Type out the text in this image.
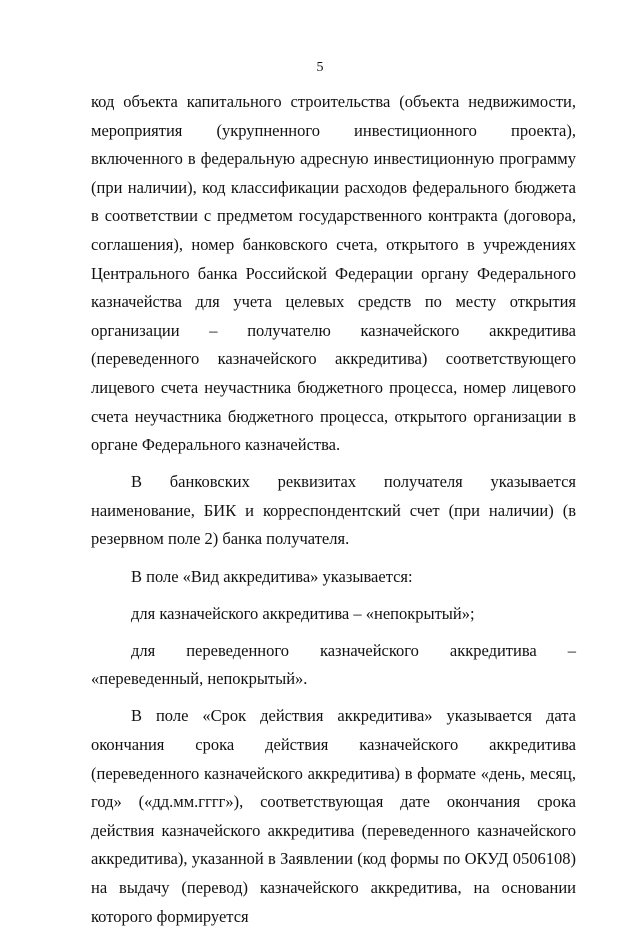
5

код объекта капитального строительства (объекта недвижимости, мероприятия (укрупненного инвестиционного проекта), включенного в федеральную адресную инвестиционную программу (при наличии), код классификации расходов федерального бюджета в соответствии с предметом государственного контракта (договора, соглашения), номер банковского счета, открытого в учреждениях Центрального банка Российской Федерации органу Федерального казначейства для учета целевых средств по месту открытия организации – получателю казначейского аккредитива (переведенного казначейского аккредитива) соответствующего лицевого счета неучастника бюджетного процесса, номер лицевого счета неучастника бюджетного процесса, открытого организации в органе Федерального казначейства.

В банковских реквизитах получателя указывается наименование, БИК и корреспондентский счет (при наличии) (в резервном поле 2) банка получателя.

В поле «Вид аккредитива» указывается:

для казначейского аккредитива – «непокрытый»;

для переведенного казначейского аккредитива – «переведенный, непокрытый».

В поле «Срок действия аккредитива» указывается дата окончания срока действия казначейского аккредитива (переведенного казначейского аккредитива) в формате «день, месяц, год» («дд.мм.гггг»), соответствующая дате окончания срока действия казначейского аккредитива (переведенного казначейского аккредитива), указанной в Заявлении (код формы по ОКУД 0506108) на выдачу (перевод) казначейского аккредитива, на основании которого формируется
